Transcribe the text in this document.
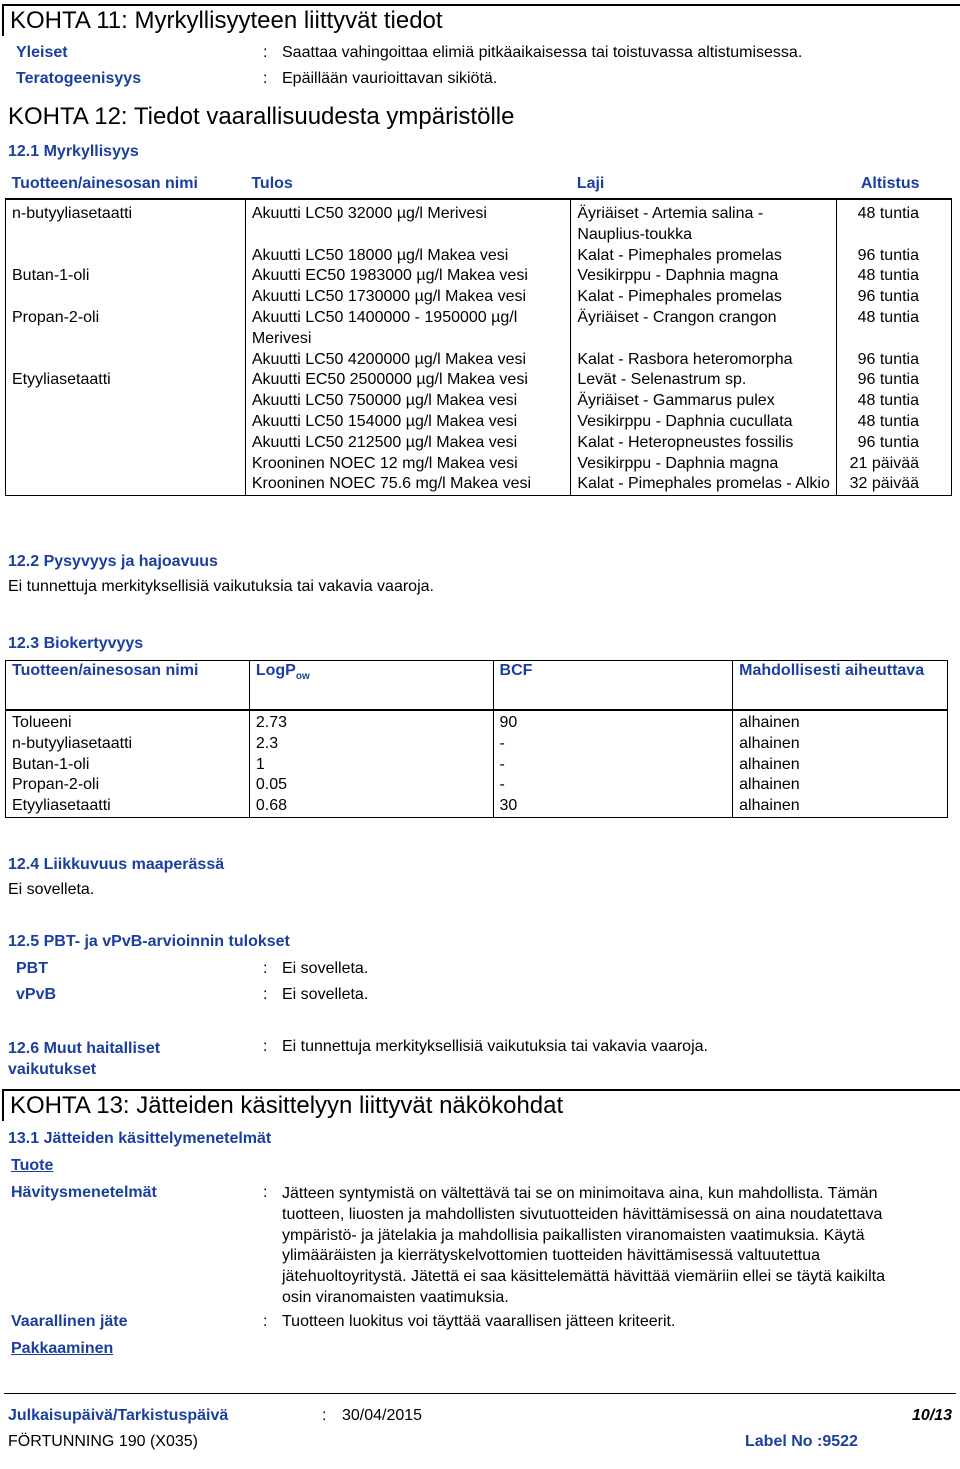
KOHTA 11: Myrkyllisyyteen liittyvät tiedot
Yleiset	: Saattaa vahingoittaa elimiä pitkäaikaisessa tai toistuvassa altistumisessa.
Teratogeenisyys	: Epäillään vaurioittavan sikiötä.
KOHTA 12: Tiedot vaarallisuudesta ympäristölle
12.1 Myrkyllisyys
Tuotteen/ainesosan nimi	Tulos	Laji	Altistus
n-butyyliasetaatti	Akuutti LC50 32000 µg/l Merivesi	Äyriäiset - Artemia salina - Nauplius-toukka	48 tuntia
	Akuutti LC50 18000 µg/l Makea vesi	Kalat - Pimephales promelas	96 tuntia
Butan-1-oli	Akuutti EC50 1983000 µg/l Makea vesi	Vesikirppu - Daphnia magna	48 tuntia
	Akuutti LC50 1730000 µg/l Makea vesi	Kalat - Pimephales promelas	96 tuntia
Propan-2-oli	Akuutti LC50 1400000 - 1950000 µg/l Merivesi	Äyriäiset - Crangon crangon	48 tuntia
	Akuutti LC50 4200000 µg/l Makea vesi	Kalat - Rasbora heteromorpha	96 tuntia
Etyyliasetaatti	Akuutti EC50 2500000 µg/l Makea vesi	Levät - Selenastrum sp.	96 tuntia
	Akuutti LC50 750000 µg/l Makea vesi	Äyriäiset - Gammarus pulex	48 tuntia
	Akuutti LC50 154000 µg/l Makea vesi	Vesikirppu - Daphnia cucullata	48 tuntia
	Akuutti LC50 212500 µg/l Makea vesi	Kalat - Heteropneustes fossilis	96 tuntia
	Krooninen NOEC 12 mg/l Makea vesi	Vesikirppu - Daphnia magna	21 päivää
	Krooninen NOEC 75.6 mg/l Makea vesi	Kalat - Pimephales promelas - Alkio	32 päivää
12.2 Pysyvyys ja hajoavuus
Ei tunnettuja merkityksellisiä vaikutuksia tai vakavia vaaroja.
12.3 Biokertyvyys
Tuotteen/ainesosan nimi	LogP$_{ow}$	BCF	Mahdollisesti aiheuttava
Tolueeni	2.73	90	alhainen
n-butyyliasetaatti	2.3	-	alhainen
Butan-1-oli	1	-	alhainen
Propan-2-oli	0.05	-	alhainen
Etyyliasetaatti	0.68	30	alhainen
12.4 Liikkuvuus maaperässä
Ei sovelleta.
12.5 PBT- ja vPvB-arvioinnin tulokset
PBT	: Ei sovelleta.
vPvB	: Ei sovelleta.
12.6 Muut haitalliset
vaikutukset
: Ei tunnettuja merkityksellisiä vaikutuksia tai vakavia vaaroja.
KOHTA 13: Jätteiden käsittelyyn liittyvät näkökohdat
13.1 Jätteiden käsittelymenetelmät
Tuote
Hävitysmenetelmät	: Jätteen syntymistä on vältettävä tai se on minimoitava aina, kun mahdollista. Tämän
tuotteen, liuosten ja mahdollisten sivutuotteiden hävittämisessä on aina noudatettava
ympäristö- ja jätelakia ja mahdollisia paikallisten viranomaisten vaatimuksia. Käytä
ylimääräisten ja kierrätyskelvottomien tuotteiden hävittämisessä valtuutettua
jätehuoltoyritystä. Jätettä ei saa käsittelemättä hävittää viemäriin ellei se täytä kaikilta
osin viranomaisten vaatimuksia.
Vaarallinen jäte	: Tuotteen luokitus voi täyttää vaarallisen jätteen kriteerit.
Pakkaaminen
Julkaisupäivä/Tarkistuspäivä	: 30/04/2015	10/13
FÖRTUNNING 190 (X035)	Label No :9522
